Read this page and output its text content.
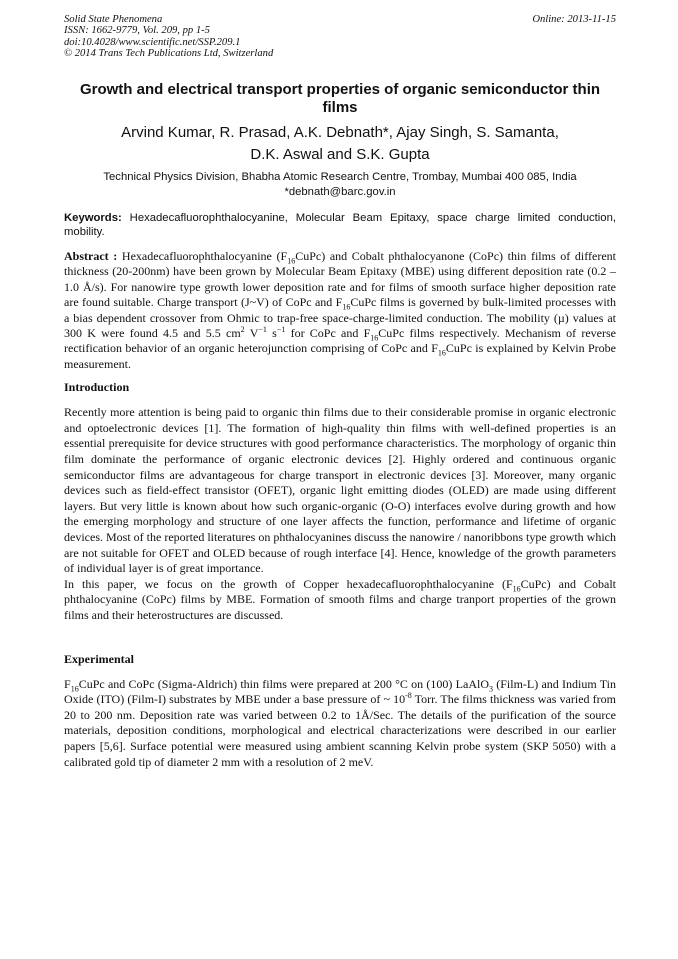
Solid State Phenomena
ISSN: 1662-9779, Vol. 209, pp 1-5
doi:10.4028/www.scientific.net/SSP.209.1
© 2014 Trans Tech Publications Ltd, Switzerland
Online: 2013-11-15
Growth and electrical transport properties of organic semiconductor thin films
Arvind Kumar, R. Prasad, A.K. Debnath*, Ajay Singh, S. Samanta,
D.K. Aswal and S.K. Gupta
Technical Physics Division, Bhabha Atomic Research Centre, Trombay, Mumbai 400 085, India
*debnath@barc.gov.in

Keywords: Hexadecafluorophthalocyanine, Molecular Beam Epitaxy, space charge limited conduction, mobility.

Abstract : Hexadecafluorophthalocyanine $(F_{16}CuPc)$ and Cobalt phthalocyanone (CoPc) thin films of different thickness (20-200nm) have been grown by Molecular Beam Epitaxy (MBE) using different deposition rate (0.2 – 1.0 Å/s). For nanowire type growth lower deposition rate and for films of smooth surface higher deposition rate are found suitable. Charge transport (J~V) of CoPc and $F_{16}CuPc$ films is governed by bulk-limited processes with a bias dependent crossover from Ohmic to trap-free space-charge-limited conduction. The mobility (µ) values at 300 K were found 4.5 and 5.5 $cm^2$ $V^{-1}$ $s^{-1}$ for CoPc and $F_{16}CuPc$ films respectively. Mechanism of reverse rectification behavior of an organic heterojunction comprising of CoPc and $F_{16}CuPc$ is explained by Kelvin Probe measurement.

Introduction

Recently more attention is being paid to organic thin films due to their considerable promise in organic electronic and optoelectronic devices [1]. The formation of high-quality thin films with well-defined properties is an essential prerequisite for device structures with good performance characteristics. The morphology of organic thin film dominate the performance of organic electronic devices [2]. Highly ordered and continuous organic semiconductor films are advantageous for charge transport in electronic devices [3]. Moreover, many organic devices such as field-effect transistor (OFET), organic light emitting diodes (OLED) are made using different layers. But very little is known about how such organic-organic (O-O) interfaces evolve during growth and how the emerging morphology and structure of one layer affects the function, performance and lifetime of organic devices. Most of the reported literatures on phthalocyanines discuss the nanowire / nanoribbons type growth which are not suitable for OFET and OLED because of rough interface [4]. Hence, knowledge of the growth parameters of individual layer is of great importance.

In this paper, we focus on the growth of Copper hexadecafluorophthalocyanine $(F_{16}CuPc)$ and Cobalt phthalocyanine (CoPc) films by MBE. Formation of smooth films and charge tranport properties of the grown films and their heterostructures are discussed.

Experimental

$F_{16}CuPc$ and CoPc (Sigma-Aldrich) thin films were prepared at 200 °C on (100) LaAlO$_3$ (Film-L) and Indium Tin Oxide (ITO) (Film-I) substrates by MBE under a base pressure of ~ $10^{-8}$ Torr. The films thickness was varied from 20 to 200 nm. Deposition rate was varied between 0.2 to 1Å/Sec. The details of the purification of the source materials, deposition conditions, morphological and electrical characterizations were described in our earlier papers [5,6]. Surface potential were measured using ambient scanning Kelvin probe system (SKP 5050) with a calibrated gold tip of diameter 2 mm with a resolution of 2 meV.
